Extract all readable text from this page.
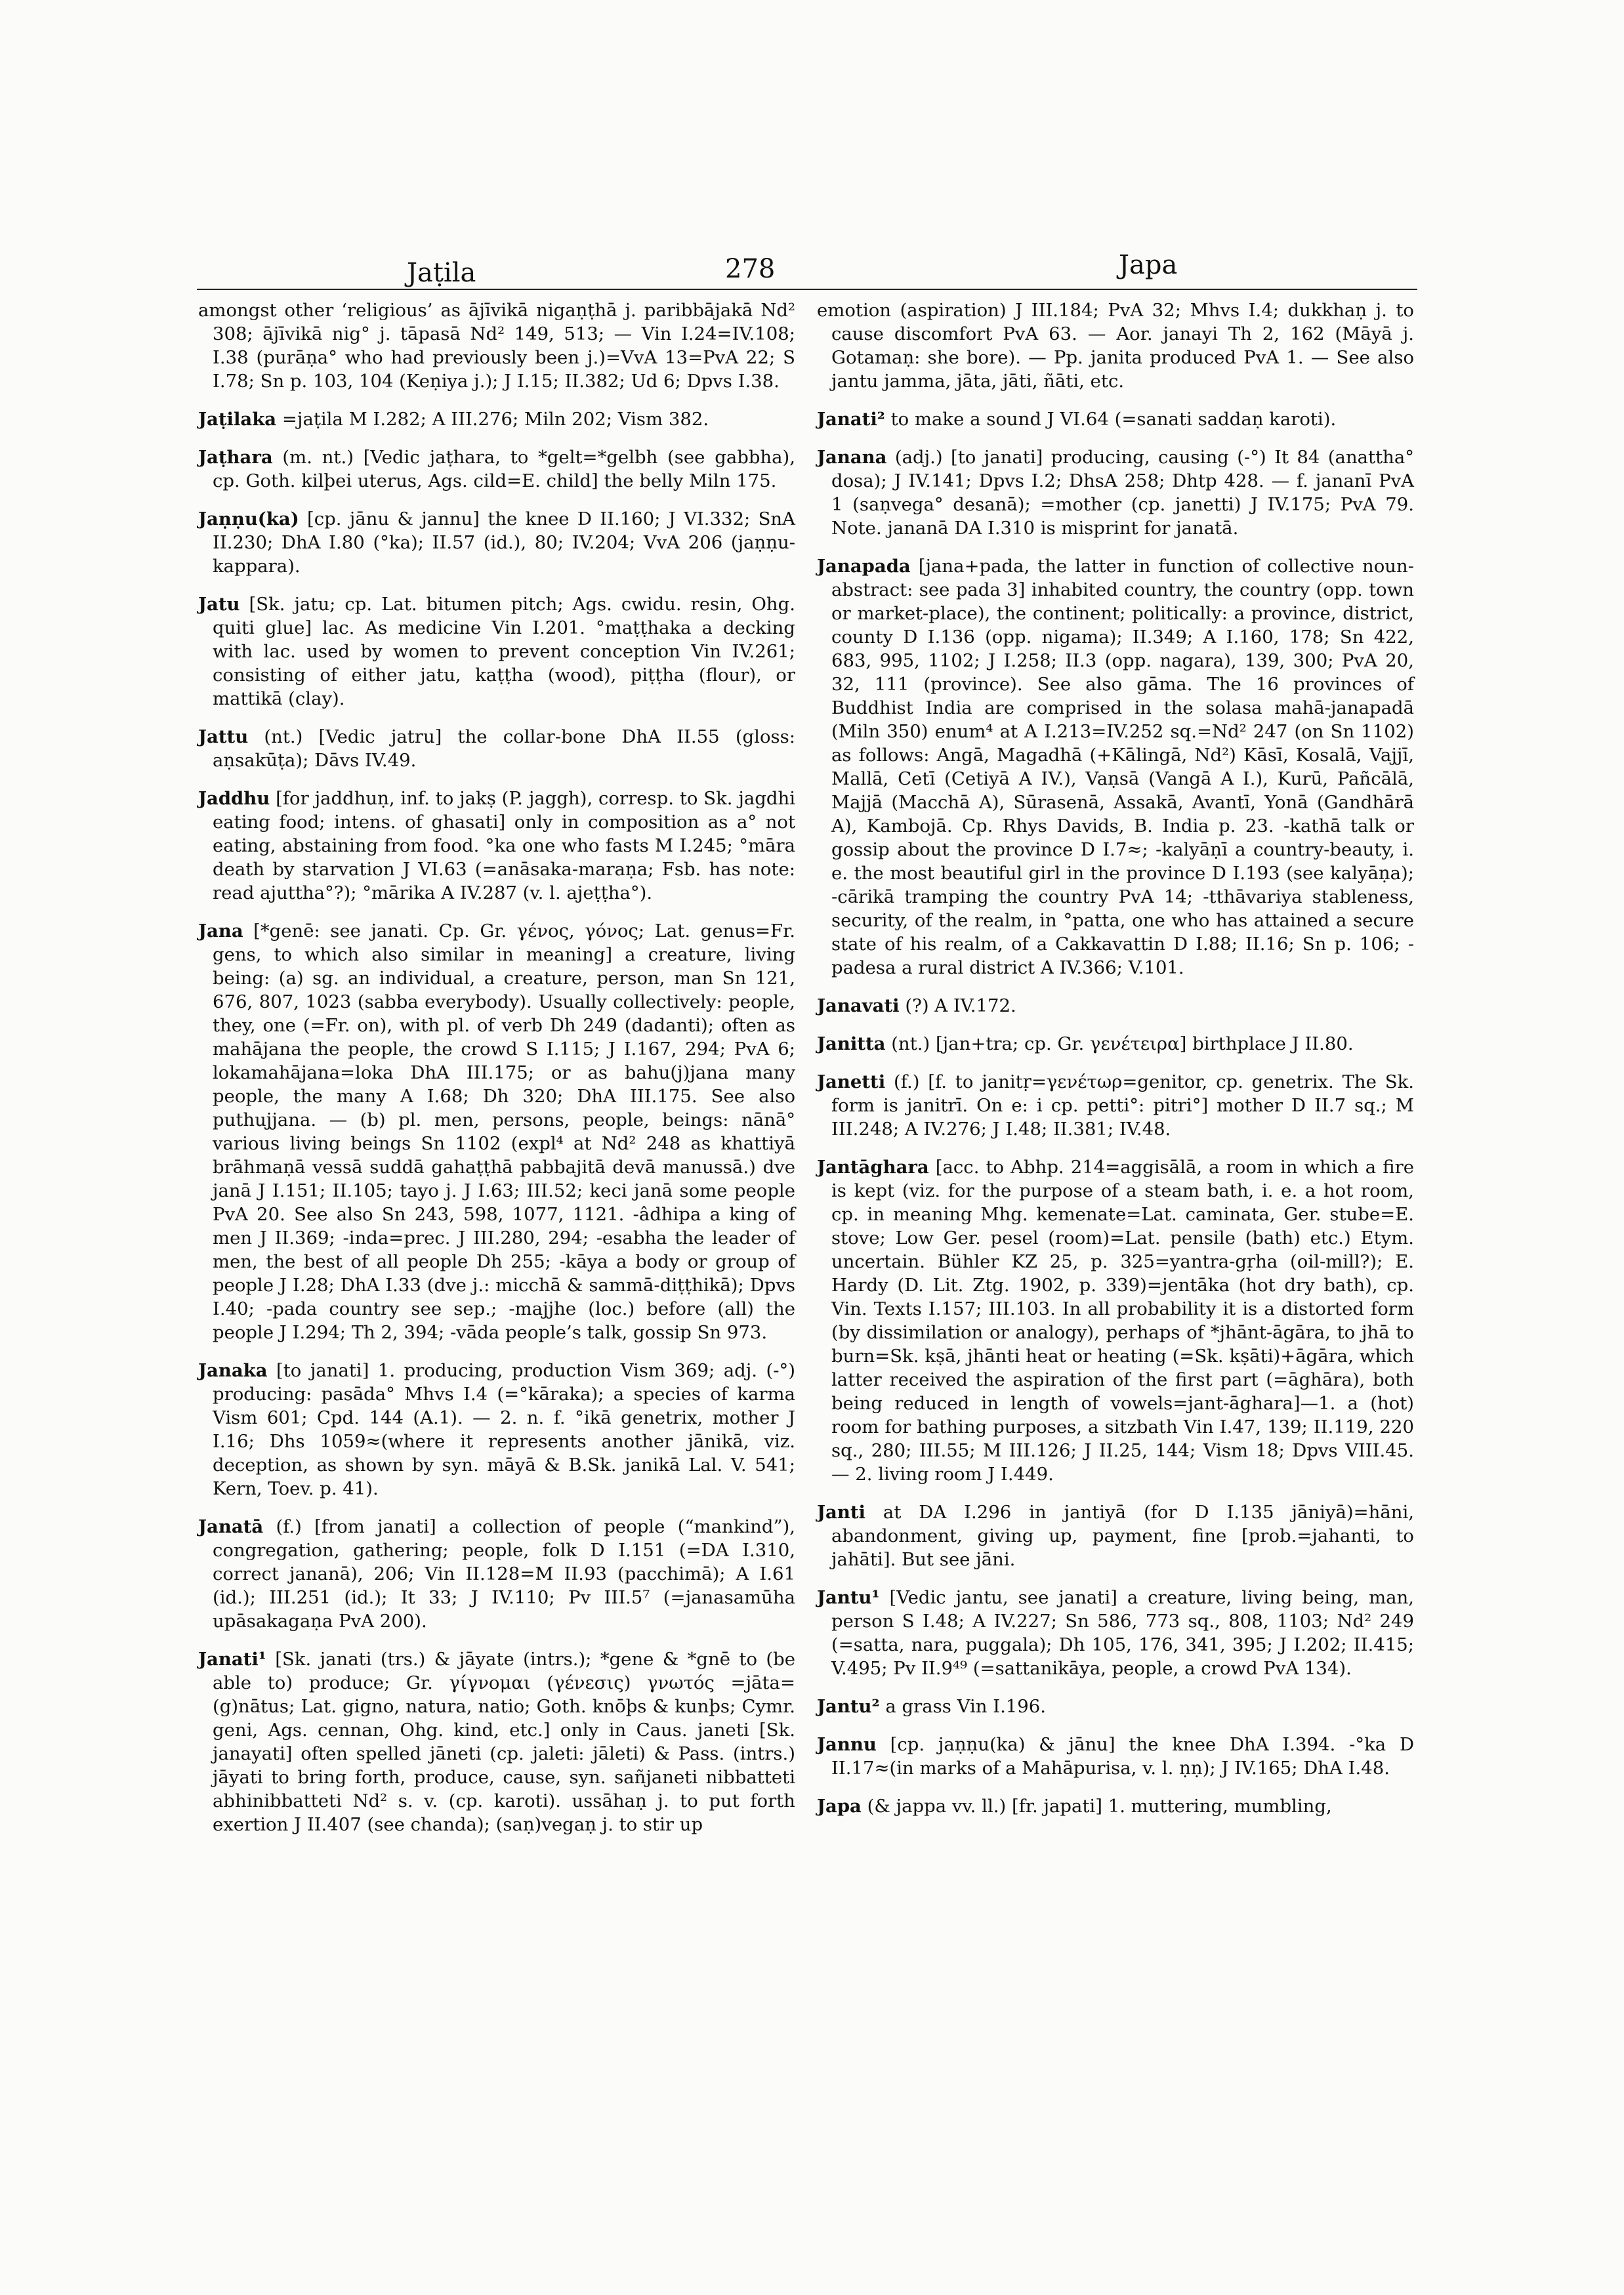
Jaṭila	278	Japa

amongst other ‘religious’ as ājīvikā nigaṇṭhā j. paribbājakā Nd² 308; ājīvikā nig° j. tāpasā Nd² 149, 513; — Vin I.24=IV.108; I.38 (purāṇa° who had previously been j.)=VvA 13=PvA 22; S I.78; Sn p. 103, 104 (Keṇiya j.); J I.15; II.382; Ud 6; Dpvs I.38.

Jaṭilaka =jaṭila M I.282; A III.276; Miln 202; Vism 382.

Jaṭhara (m. nt.) [Vedic jaṭhara, to *gelt=*gelbh (see gabbha), cp. Goth. kilþei uterus, Ags. cild=E. child] the belly Miln 175.

Jaṇṇu(ka) [cp. jānu & jannu] the knee D II.160; J VI.332; SnA II.230; DhA I.80 (°ka); II.57 (id.), 80; IV.204; VvA 206 (jaṇṇu-kappara).

Jatu [Sk. jatu; cp. Lat. bitumen pitch; Ags. cwidu. resin, Ohg. quiti glue] lac. As medicine Vin I.201. °maṭṭhaka a decking with lac. used by women to prevent conception Vin IV.261; consisting of either jatu, kaṭṭha (wood), piṭṭha (flour), or mattikā (clay).

Jattu (nt.) [Vedic jatru] the collar-bone DhA II.55 (gloss: aṇsakūṭa); Dāvs IV.49.

Jaddhu [for jaddhuṇ, inf. to jakṣ (P. jaggh), corresp. to Sk. jagdhi eating food; intens. of ghasati] only in composition as a° not eating, abstaining from food. °ka one who fasts M I.245; °māra death by starvation J VI.63 (=anāsaka-maraṇa; Fsb. has note: read ajuttha°?); °mārika A IV.287 (v. l. ajeṭṭha°).

Jana [*genē: see janati. Cp. Gr. γένος, γόνος; Lat. genus=Fr. gens, to which also similar in meaning] a creature, living being: (a) sg. an individual, a creature, person, man Sn 121, 676, 807, 1023 (sabba everybody). Usually collectively: people, they, one (=Fr. on), with pl. of verb Dh 249 (dadanti); often as mahājana the people, the crowd S I.115; J I.167, 294; PvA 6; lokamahājana=loka DhA III.175; or as bahu(j)jana many people, the many A I.68; Dh 320; DhA III.175. See also puthujjana. — (b) pl. men, persons, people, beings: nānā° various living beings Sn 1102 (expl⁴ at Nd² 248 as khattiyā brāhmaṇā vessā suddā gahaṭṭhā pabbajitā devā manussā.) dve janā J I.151; II.105; tayo j. J I.63; III.52; keci janā some people PvA 20. See also Sn 243, 598, 1077, 1121. -âdhipa a king of men J II.369; -inda=prec. J III.280, 294; -esabha the leader of men, the best of all people Dh 255; -kāya a body or group of people J I.28; DhA I.33 (dve j.: micchā & sammā-diṭṭhikā); Dpvs I.40; -pada country see sep.; -majjhe (loc.) before (all) the people J I.294; Th 2, 394; -vāda people’s talk, gossip Sn 973.

Janaka [to janati] 1. producing, production Vism 369; adj. (-°) producing: pasāda° Mhvs I.4 (=°kāraka); a species of karma Vism 601; Cpd. 144 (A.1). — 2. n. f. °ikā genetrix, mother J I.16; Dhs 1059≈(where it represents another jānikā, viz. deception, as shown by syn. māyā & B.Sk. janikā Lal. V. 541; Kern, Toev. p. 41).

Janatā (f.) [from janati] a collection of people (“mankind”), congregation, gathering; people, folk D I.151 (=DA I.310, correct jananā), 206; Vin II.128=M II.93 (pacchimā); A I.61 (id.); III.251 (id.); It 33; J IV.110; Pv III.5⁷ (=janasamūha upāsakagaṇa PvA 200).

Janati¹ [Sk. janati (trs.) & jāyate (intrs.); *gene & *gnē to (be able to) produce; Gr. γίγνομαι (γένεσις) γνωτός =jāta=(g)nātus; Lat. gigno, natura, natio; Goth. knōþs & kunþs; Cymr. geni, Ags. cennan, Ohg. kind, etc.] only in Caus. janeti [Sk. janayati] often spelled jāneti (cp. jaleti: jāleti) & Pass. (intrs.) jāyati to bring forth, produce, cause, syn. sañjaneti nibbatteti abhinibbatteti Nd² s. v. (cp. karoti). ussāhaṇ j. to put forth exertion J II.407 (see chanda); (saṇ)vegaṇ j. to stir up

emotion (aspiration) J III.184; PvA 32; Mhvs I.4; dukkhaṇ j. to cause discomfort PvA 63. — Aor. janayi Th 2, 162 (Māyā j. Gotamaṇ: she bore). — Pp. janita produced PvA 1. — See also jantu jamma, jāta, jāti, ñāti, etc.

Janati² to make a sound J VI.64 (=sanati saddaṇ karoti).

Janana (adj.) [to janati] producing, causing (-°) It 84 (anattha° dosa); J IV.141; Dpvs I.2; DhsA 258; Dhtp 428. — f. jananī PvA 1 (saṇvega° desanā); =mother (cp. janetti) J IV.175; PvA 79. Note. jananā DA I.310 is misprint for janatā.

Janapada [jana+pada, the latter in function of collective noun-abstract: see pada 3] inhabited country, the country (opp. town or market-place), the continent; politically: a province, district, county D I.136 (opp. nigama); II.349; A I.160, 178; Sn 422, 683, 995, 1102; J I.258; II.3 (opp. nagara), 139, 300; PvA 20, 32, 111 (province). See also gāma. The 16 provinces of Buddhist India are comprised in the solasa mahā-janapadā (Miln 350) enum⁴ at A I.213=IV.252 sq.=Nd² 247 (on Sn 1102) as follows: Angā, Magadhā (+Kālingā, Nd²) Kāsī, Kosalā, Vajjī, Mallā, Cetī (Cetiyā A IV.), Vaṇsā (Vangā A I.), Kurū, Pañcālā, Majjā (Macchā A), Sūrasenā, Assakā, Avantī, Yonā (Gandhārā A), Kambojā. Cp. Rhys Davids, B. India p. 23. -kathā talk or gossip about the province D I.7≈; -kalyāṇī a country-beauty, i. e. the most beautiful girl in the province D I.193 (see kalyāṇa); -cārikā tramping the country PvA 14; -tthāvariya stableness, security, of the realm, in °patta, one who has attained a secure state of his realm, of a Cakkavattin D I.88; II.16; Sn p. 106; -padesa a rural district A IV.366; V.101.

Janavati (?) A IV.172.

Janitta (nt.) [jan+tra; cp. Gr. γενέτειρα] birthplace J II.80.

Janetti (f.) [f. to janitṛ=γενέτωρ=genitor, cp. genetrix. The Sk. form is janitrī. On e: i cp. petti°: pitri°] mother D II.7 sq.; M III.248; A IV.276; J I.48; II.381; IV.48.

Jantāghara [acc. to Abhp. 214=aggisālā, a room in which a fire is kept (viz. for the purpose of a steam bath, i. e. a hot room, cp. in meaning Mhg. kemenate=Lat. caminata, Ger. stube=E. stove; Low Ger. pesel (room)=Lat. pensile (bath) etc.) Etym. uncertain. Bühler KZ 25, p. 325=yantra-gṛha (oil-mill?); E. Hardy (D. Lit. Ztg. 1902, p. 339)=jentāka (hot dry bath), cp. Vin. Texts I.157; III.103. In all probability it is a distorted form (by dissimilation or analogy), perhaps of *jhānt-āgāra, to jhā to burn=Sk. kṣā, jhānti heat or heating (=Sk. kṣāti)+āgāra, which latter received the aspiration of the first part (=āghāra), both being reduced in length of vowels=jant-āghara]—1. a (hot) room for bathing purposes, a sitzbath Vin I.47, 139; II.119, 220 sq., 280; III.55; M III.126; J II.25, 144; Vism 18; Dpvs VIII.45. — 2. living room J I.449.

Janti at DA I.296 in jantiyā (for D I.135 jāniyā)=hāni, abandonment, giving up, payment, fine [prob.=jahanti, to jahāti]. But see jāni.

Jantu¹ [Vedic jantu, see janati] a creature, living being, man, person S I.48; A IV.227; Sn 586, 773 sq., 808, 1103; Nd² 249 (=satta, nara, puggala); Dh 105, 176, 341, 395; J I.202; II.415; V.495; Pv II.9⁴⁹ (=sattanikāya, people, a crowd PvA 134).

Jantu² a grass Vin I.196.

Jannu [cp. jaṇṇu(ka) & jānu] the knee DhA I.394. -°ka D II.17≈(in marks of a Mahāpurisa, v. l. ṇṇ); J IV.165; DhA I.48.

Japa (& jappa vv. ll.) [fr. japati] 1. muttering, mumbling,
